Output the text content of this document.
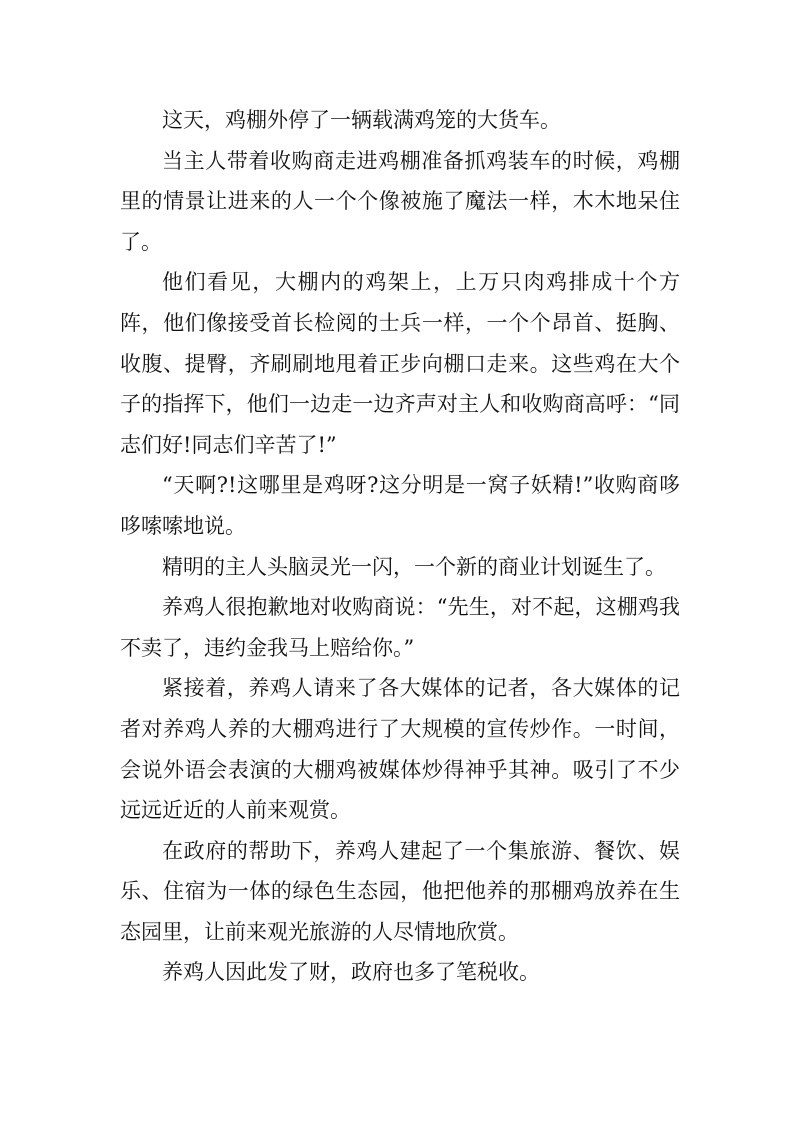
这天，鸡棚外停了一辆载满鸡笼的大货车。

当主人带着收购商走进鸡棚准备抓鸡装车的时候，鸡棚里的情景让进来的人一个个像被施了魔法一样，木木地呆住了。

他们看见，大棚内的鸡架上，上万只肉鸡排成十个方阵，他们像接受首长检阅的士兵一样，一个个昂首、挺胸、收腹、提臀，齐刷刷地甩着正步向棚口走来。这些鸡在大个子的指挥下，他们一边走一边齐声对主人和收购商高呼：“同志们好!同志们辛苦了!”

“天啊?!这哪里是鸡呀?这分明是一窝子妖精!”收购商哆哆嗦嗦地说。

精明的主人头脑灵光一闪，一个新的商业计划诞生了。

养鸡人很抱歉地对收购商说：“先生，对不起，这棚鸡我不卖了，违约金我马上赔给你。”

紧接着，养鸡人请来了各大媒体的记者，各大媒体的记者对养鸡人养的大棚鸡进行了大规模的宣传炒作。一时间，会说外语会表演的大棚鸡被媒体炒得神乎其神。吸引了不少远远近近的人前来观赏。

在政府的帮助下，养鸡人建起了一个集旅游、餐饮、娱乐、住宿为一体的绿色生态园，他把他养的那棚鸡放养在生态园里，让前来观光旅游的人尽情地欣赏。

养鸡人因此发了财，政府也多了笔税收。
